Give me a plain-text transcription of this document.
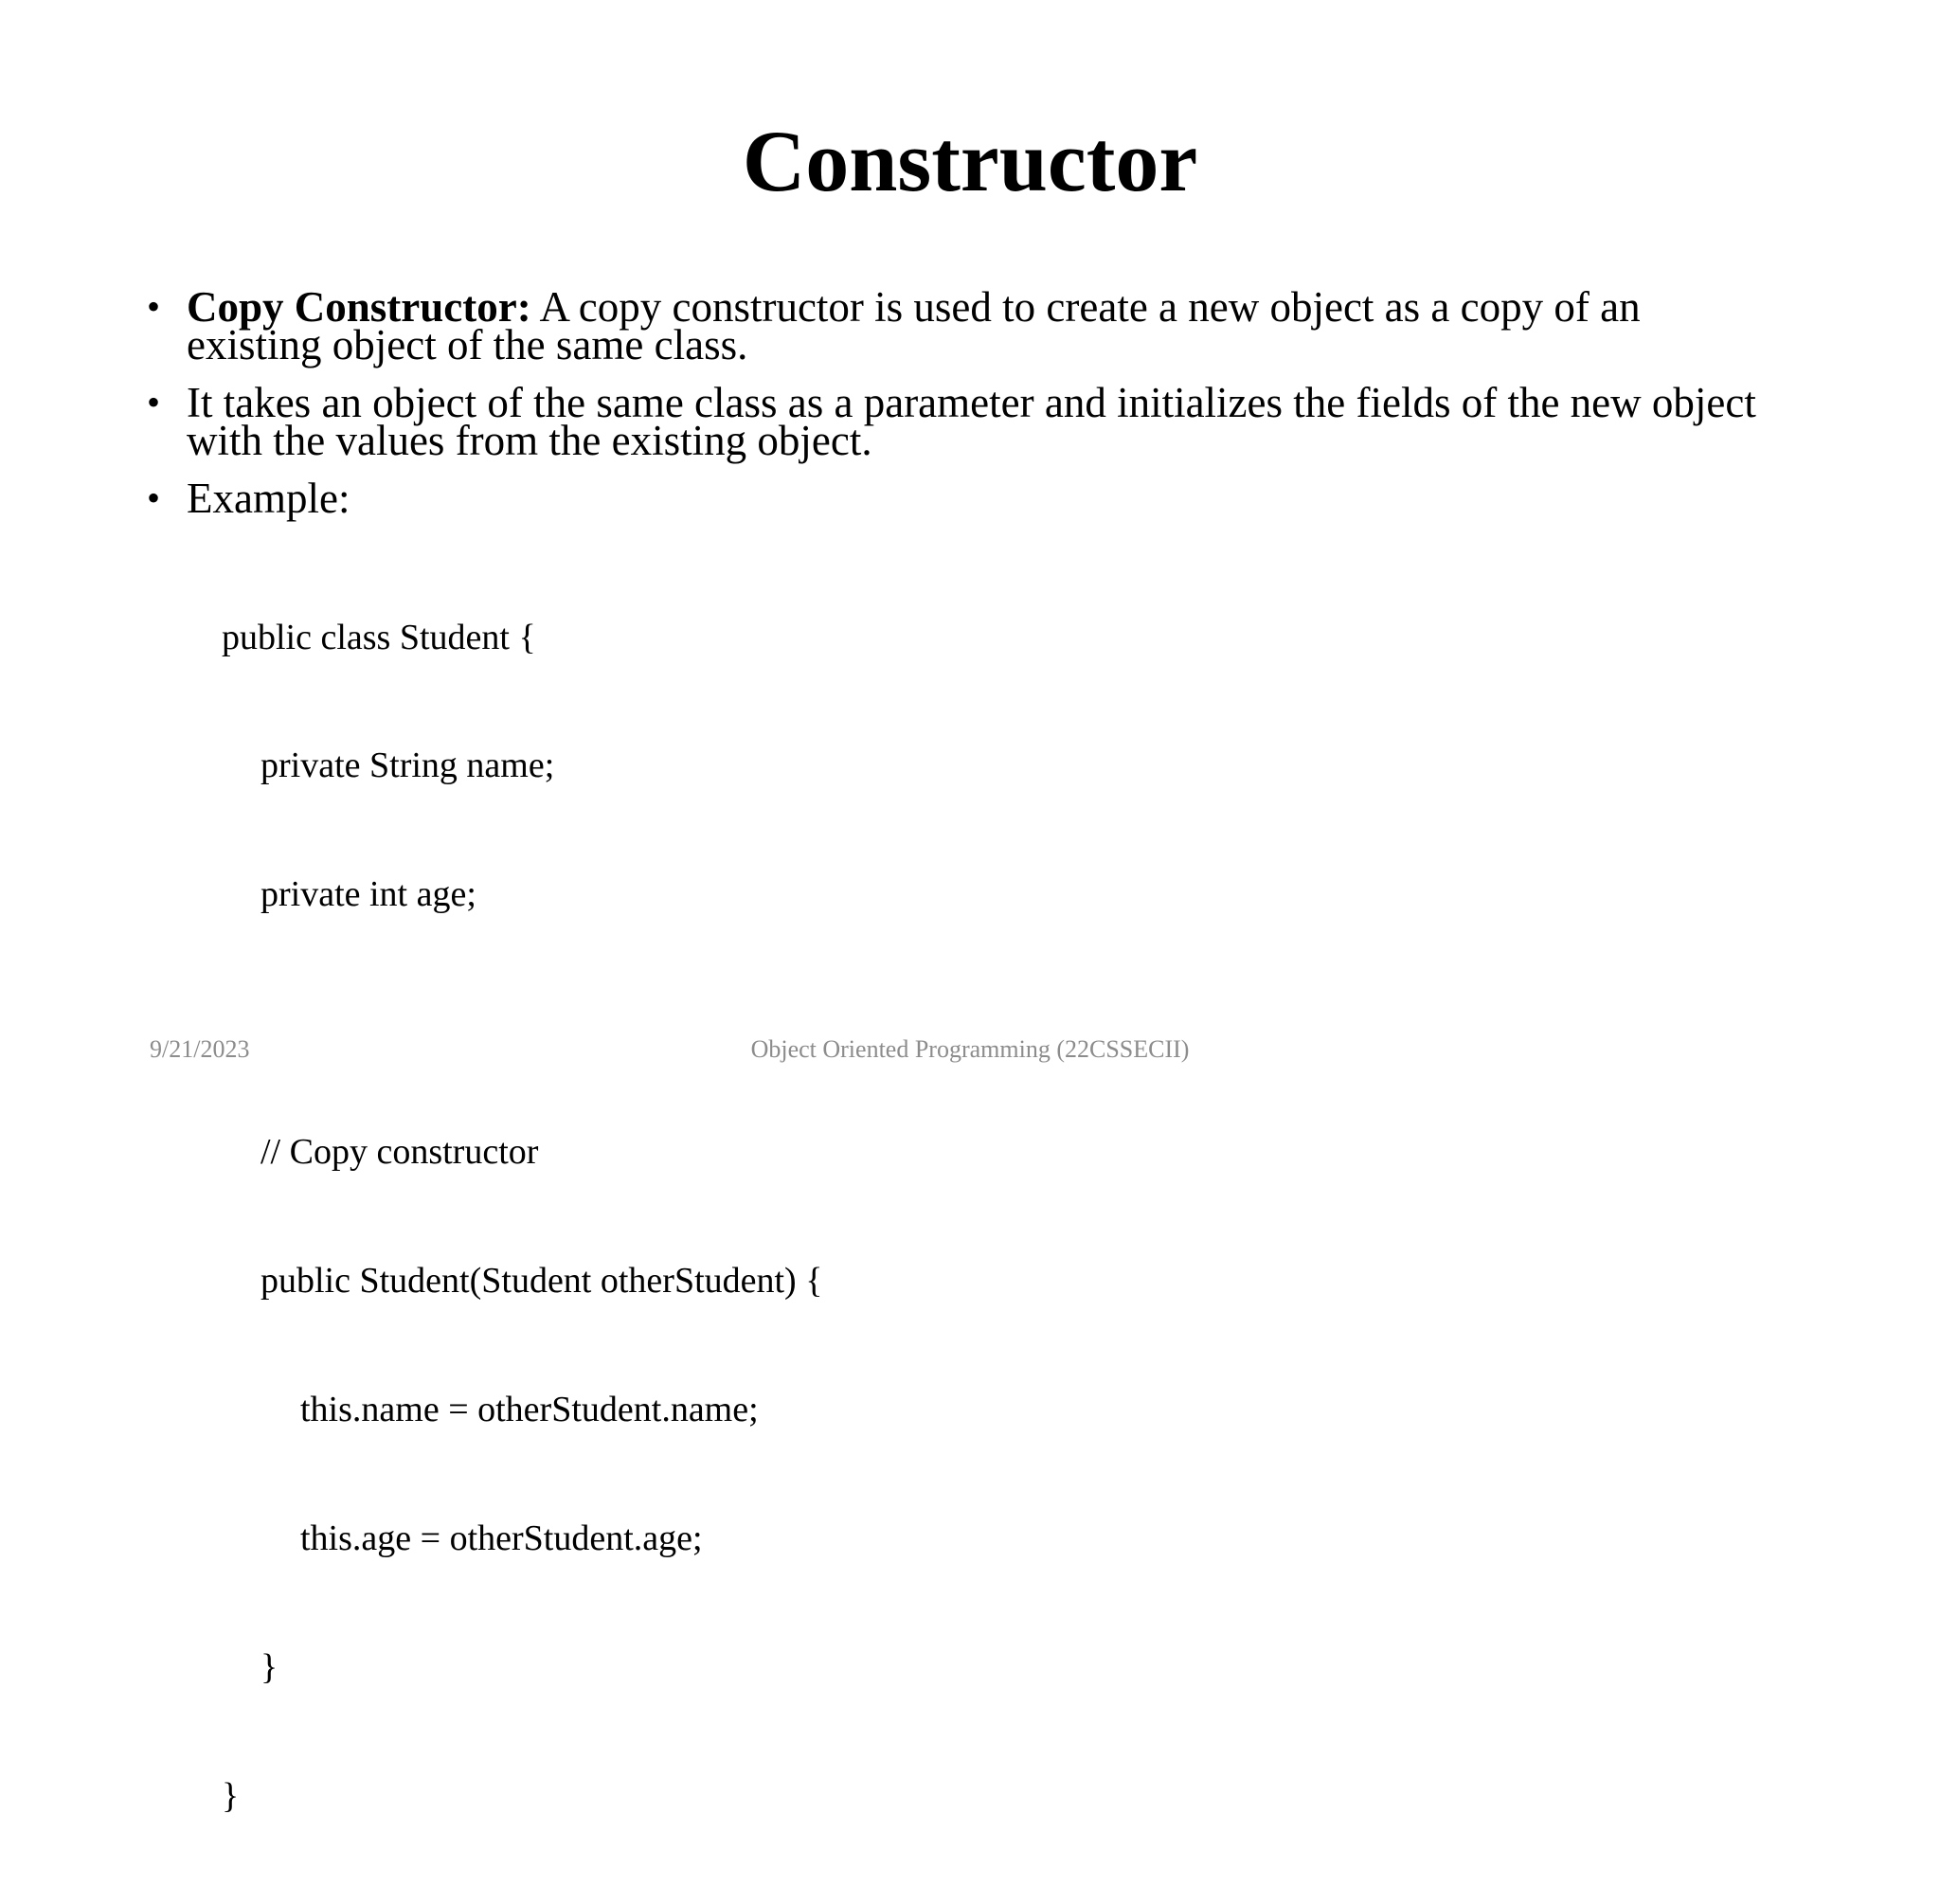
Constructor
• Copy Constructor: A copy constructor is used to create a new object as a copy of an existing object of the same class.
• It takes an object of the same class as a parameter and initializes the fields of the new object with the values from the existing object.
• Example:

public class Student {

private String name;

private int age;

// Copy constructor

public Student(Student otherStudent) {

this.name = otherStudent.name;

this.age = otherStudent.age;

}

}

9/21/2023	Object Oriented Programming (22CSSECII)
